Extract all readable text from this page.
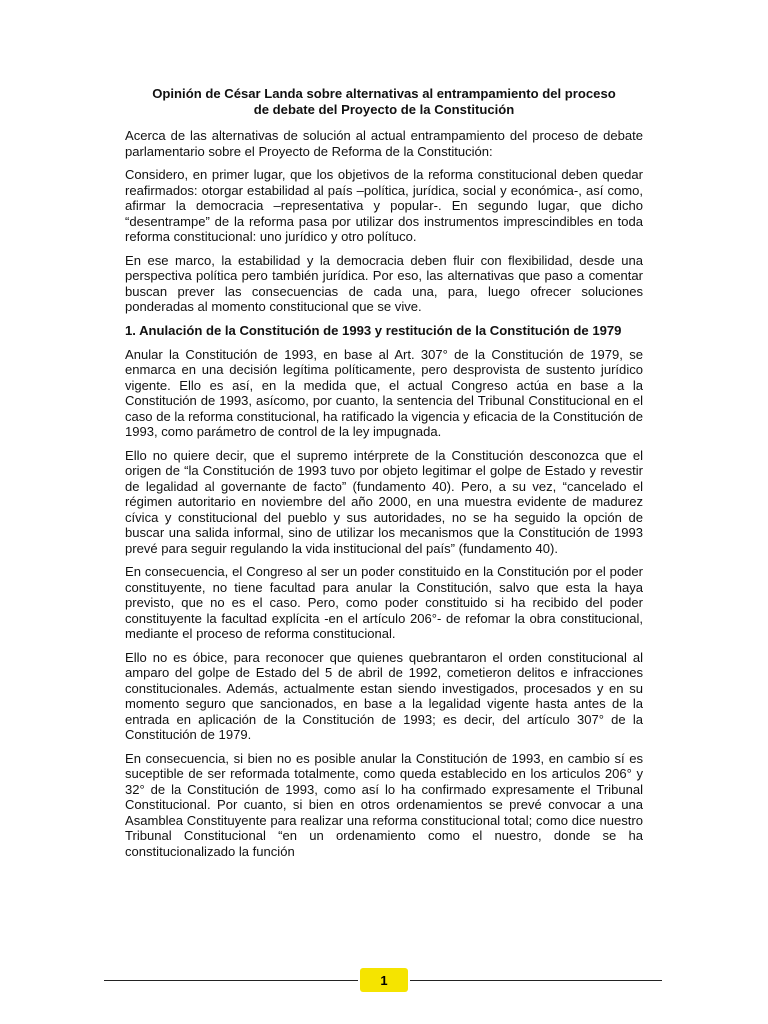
Opinión de César Landa sobre alternativas al entrampamiento del proceso
de debate del Proyecto de la Constitución

Acerca de las alternativas de solución al actual entrampamiento del proceso de debate parlamentario sobre el Proyecto de Reforma de la Constitución:

Considero, en primer lugar, que los objetivos de la reforma constitucional deben quedar reafirmados: otorgar estabilidad al país –política, jurídica, social y económica-, así como, afirmar la democracia –representativa y popular-. En segundo lugar, que dicho “desentrampe” de la reforma pasa por utilizar dos instrumentos imprescindibles en toda reforma constitucional: uno jurídico y otro polítuco.

En ese marco, la estabilidad y la democracia deben fluir con flexibilidad, desde una perspectiva política pero también jurídica. Por eso, las alternativas que paso a comentar buscan prever las consecuencias de cada una, para, luego ofrecer soluciones ponderadas al momento constitucional que se vive.

1. Anulación de la Constitución de 1993 y restitución de la Constitución de 1979

Anular la Constitución de 1993, en base al Art. 307° de la Constitución de 1979, se enmarca en una decisión legítima políticamente, pero desprovista de sustento jurídico vigente. Ello es así, en la medida que, el actual Congreso actúa en base a la Constitución de 1993, asícomo, por cuanto, la sentencia del Tribunal Constitucional en el caso de la reforma constitucional, ha ratificado la vigencia y eficacia de la Constitución de 1993, como parámetro de control de la ley impugnada.

Ello no quiere decir, que el supremo intérprete de la Constitución desconozca que el origen de “la Constitución de 1993 tuvo por objeto legitimar el golpe de Estado y revestir de legalidad al governante de facto” (fundamento 40). Pero, a su vez, “cancelado el régimen autoritario en noviembre del año 2000, en una muestra evidente de madurez cívica y constitucional del pueblo y sus autoridades, no se ha seguido la opción de buscar una salida informal, sino de utilizar los mecanismos que la Constitución de 1993 prevé para seguir regulando la vida institucional del país” (fundamento 40).

En consecuencia, el Congreso al ser un poder constituido en la Constitución por el poder constituyente, no tiene facultad para anular la Constitución, salvo que esta la haya previsto, que no es el caso. Pero, como poder constituido si ha recibido del poder constituyente la facultad explícita -en el artículo 206°- de refomar la obra constitucional, mediante el proceso de reforma constitucional.

Ello no es óbice, para reconocer que quienes quebrantaron el orden constitucional al amparo del golpe de Estado del 5 de abril de 1992, cometieron delitos e infracciones constitucionales. Además, actualmente estan siendo investigados, procesados y en su momento seguro que sancionados, en base a la legalidad vigente hasta antes de la entrada en aplicación de la Constitución de 1993; es decir, del artículo 307° de la Constitución de 1979.

En consecuencia, si bien no es posible anular la Constitución de 1993, en cambio sí es suceptible de ser reformada totalmente, como queda establecido en los articulos 206° y 32° de la Constitución de 1993, como así lo ha confirmado expresamente el Tribunal Constitucional. Por cuanto, si bien en otros ordenamientos se prevé convocar a una Asamblea Constituyente para realizar una reforma constitucional total; como dice nuestro Tribunal Constitucional “en un ordenamiento como el nuestro, donde se ha constitucionalizado la función

1
